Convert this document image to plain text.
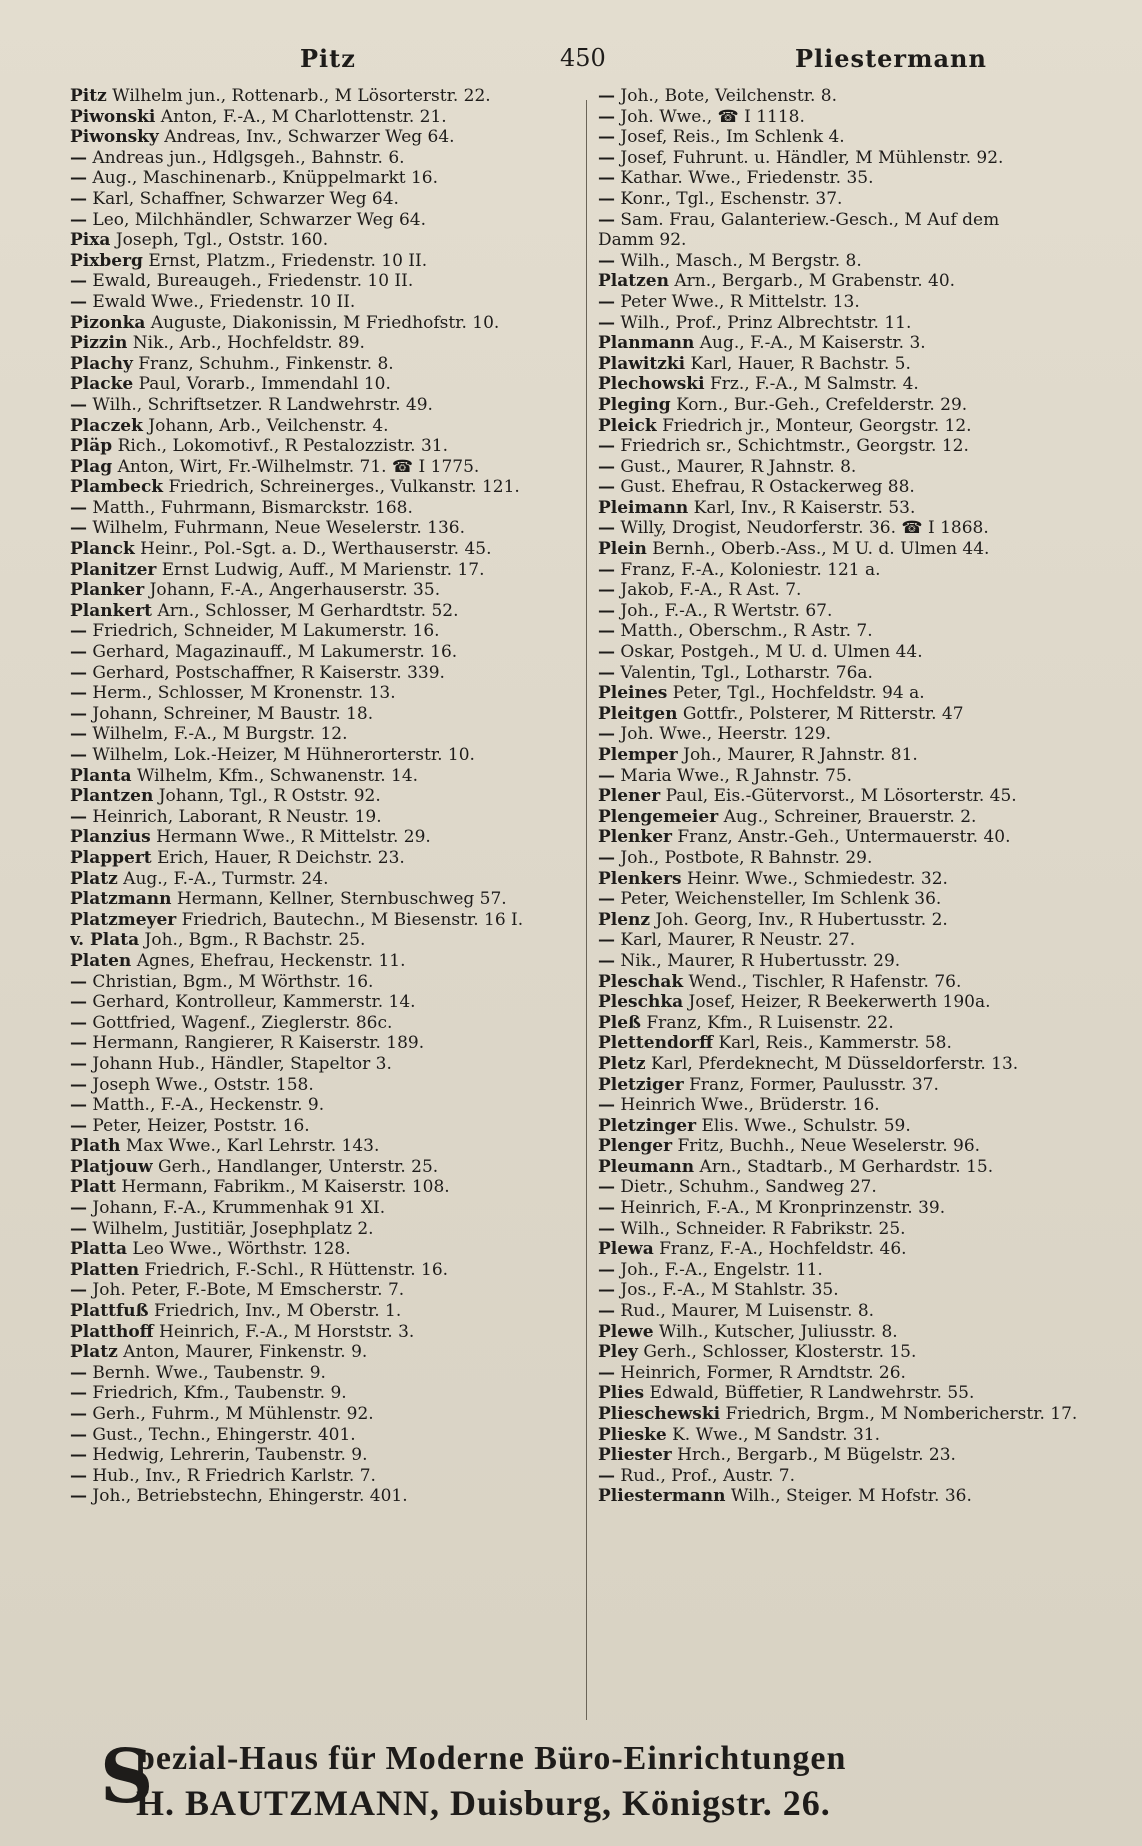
Pitz	450	Pliestermann
Pitz Wilhelm jun., Rottenarb., M Lösorterstr. 22.
Piwonski Anton, F.-A., M Charlottenstr. 21.
Piwonsky Andreas, Inv., Schwarzer Weg 64.
— Andreas jun., Hdlgsgeh., Bahnstr. 6.
— Aug., Maschinenarb., Knüppelmarkt 16.
— Karl, Schaffner, Schwarzer Weg 64.
— Leo, Milchhändler, Schwarzer Weg 64.
Pixa Joseph, Tgl., Oststr. 160.
Pixberg Ernst, Platzm., Friedenstr. 10 II.
— Ewald, Bureaugeh., Friedenstr. 10 II.
— Ewald Wwe., Friedenstr. 10 II.
Pizonka Auguste, Diakonissin, M Friedhofstr. 10.
Pizzin Nik., Arb., Hochfeldstr. 89.
Plachy Franz, Schuhm., Finkenstr. 8.
Placke Paul, Vorarb., Immendahl 10.
— Wilh., Schriftsetzer. R Landwehrstr. 49.
Placzek Johann, Arb., Veilchenstr. 4.
Pläp Rich., Lokomotivf., R Pestalozzistr. 31.
Plag Anton, Wirt, Fr.-Wilhelmstr. 71. ☎ I 1775.
Plambeck Friedrich, Schreinerges., Vulkanstr. 121.
— Matth., Fuhrmann, Bismarckstr. 168.
— Wilhelm, Fuhrmann, Neue Weselerstr. 136.
Planck Heinr., Pol.-Sgt. a. D., Werthauserstr. 45.
Planitzer Ernst Ludwig, Auff., M Marienstr. 17.
Planker Johann, F.-A., Angerhauserstr. 35.
Plankert Arn., Schlosser, M Gerhardtstr. 52.
— Friedrich, Schneider, M Lakumerstr. 16.
— Gerhard, Magazinauff., M Lakumerstr. 16.
— Gerhard, Postschaffner, R Kaiserstr. 339.
— Herm., Schlosser, M Kronenstr. 13.
— Johann, Schreiner, M Baustr. 18.
— Wilhelm, F.-A., M Burgstr. 12.
— Wilhelm, Lok.-Heizer, M Hühnerorterstr. 10.
Planta Wilhelm, Kfm., Schwanenstr. 14.
Plantzen Johann, Tgl., R Oststr. 92.
— Heinrich, Laborant, R Neustr. 19.
Planzius Hermann Wwe., R Mittelstr. 29.
Plappert Erich, Hauer, R Deichstr. 23.
Platz Aug., F.-A., Turmstr. 24.
Platzmann Hermann, Kellner, Sternbuschweg 57.
Platzmeyer Friedrich, Bautechn., M Biesenstr. 16 I.
v. Plata Joh., Bgm., R Bachstr. 25.
Platen Agnes, Ehefrau, Heckenstr. 11.
— Christian, Bgm., M Wörthstr. 16.
— Gerhard, Kontrolleur, Kammerstr. 14.
— Gottfried, Wagenf., Zieglerstr. 86c.
— Hermann, Rangierer, R Kaiserstr. 189.
— Johann Hub., Händler, Stapeltor 3.
— Joseph Wwe., Oststr. 158.
— Matth., F.-A., Heckenstr. 9.
— Peter, Heizer, Poststr. 16.
Plath Max Wwe., Karl Lehrstr. 143.
Platjouw Gerh., Handlanger, Unterstr. 25.
Platt Hermann, Fabrikm., M Kaiserstr. 108.
— Johann, F.-A., Krummenhak 91 XI.
— Wilhelm, Justitiär, Josephplatz 2.
Platta Leo Wwe., Wörthstr. 128.
Platten Friedrich, F.-Schl., R Hüttenstr. 16.
— Joh. Peter, F.-Bote, M Emscherstr. 7.
Plattfuß Friedrich, Inv., M Oberstr. 1.
Platthoff Heinrich, F.-A., M Horststr. 3.
Platz Anton, Maurer, Finkenstr. 9.
— Bernh. Wwe., Taubenstr. 9.
— Friedrich, Kfm., Taubenstr. 9.
— Gerh., Fuhrm., M Mühlenstr. 92.
— Gust., Techn., Ehingerstr. 401.
— Hedwig, Lehrerin, Taubenstr. 9.
— Hub., Inv., R Friedrich Karlstr. 7.
— Joh., Betriebstechn, Ehingerstr. 401.
— Joh., Bote, Veilchenstr. 8.
— Joh. Wwe., ☎ I 1118.
— Josef, Reis., Im Schlenk 4.
— Josef, Fuhrunt. u. Händler, M Mühlenstr. 92.
— Kathar. Wwe., Friedenstr. 35.
— Konr., Tgl., Eschenstr. 37.
— Sam. Frau, Galanteriew.-Gesch., M Auf dem
Damm 92.
— Wilh., Masch., M Bergstr. 8.
Platzen Arn., Bergarb., M Grabenstr. 40.
— Peter Wwe., R Mittelstr. 13.
— Wilh., Prof., Prinz Albrechtstr. 11.
Planmann Aug., F.-A., M Kaiserstr. 3.
Plawitzki Karl, Hauer, R Bachstr. 5.
Plechowski Frz., F.-A., M Salmstr. 4.
Pleging Korn., Bur.-Geh., Crefelderstr. 29.
Pleick Friedrich jr., Monteur, Georgstr. 12.
— Friedrich sr., Schichtmstr., Georgstr. 12.
— Gust., Maurer, R Jahnstr. 8.
— Gust. Ehefrau, R Ostackerweg 88.
Pleimann Karl, Inv., R Kaiserstr. 53.
— Willy, Drogist, Neudorferstr. 36. ☎ I 1868.
Plein Bernh., Oberb.-Ass., M U. d. Ulmen 44.
— Franz, F.-A., Koloniestr. 121 a.
— Jakob, F.-A., R Ast. 7.
— Joh., F.-A., R Wertstr. 67.
— Matth., Oberschm., R Astr. 7.
— Oskar, Postgeh., M U. d. Ulmen 44.
— Valentin, Tgl., Lotharstr. 76a.
Pleines Peter, Tgl., Hochfeldstr. 94 a.
Pleitgen Gottfr., Polsterer, M Ritterstr. 47
— Joh. Wwe., Heerstr. 129.
Plemper Joh., Maurer, R Jahnstr. 81.
— Maria Wwe., R Jahnstr. 75.
Plener Paul, Eis.-Gütervorst., M Lösorterstr. 45.
Plengemeier Aug., Schreiner, Brauerstr. 2.
Plenker Franz, Anstr.-Geh., Untermauerstr. 40.
— Joh., Postbote, R Bahnstr. 29.
Plenkers Heinr. Wwe., Schmiedestr. 32.
— Peter, Weichensteller, Im Schlenk 36.
Plenz Joh. Georg, Inv., R Hubertusstr. 2.
— Karl, Maurer, R Neustr. 27.
— Nik., Maurer, R Hubertusstr. 29.
Pleschak Wend., Tischler, R Hafenstr. 76.
Pleschka Josef, Heizer, R Beekerwerth 190a.
Pleß Franz, Kfm., R Luisenstr. 22.
Plettendorff Karl, Reis., Kammerstr. 58.
Pletz Karl, Pferdeknecht, M Düsseldorferstr. 13.
Pletziger Franz, Former, Paulusstr. 37.
— Heinrich Wwe., Brüderstr. 16.
Pletzinger Elis. Wwe., Schulstr. 59.
Plenger Fritz, Buchh., Neue Weselerstr. 96.
Pleumann Arn., Stadtarb., M Gerhardstr. 15.
— Dietr., Schuhm., Sandweg 27.
— Heinrich, F.-A., M Kronprinzenstr. 39.
— Wilh., Schneider. R Fabrikstr. 25.
Plewa Franz, F.-A., Hochfeldstr. 46.
— Joh., F.-A., Engelstr. 11.
— Jos., F.-A., M Stahlstr. 35.
— Rud., Maurer, M Luisenstr. 8.
Plewe Wilh., Kutscher, Juliusstr. 8.
Pley Gerh., Schlosser, Klosterstr. 15.
— Heinrich, Former, R Arndtstr. 26.
Plies Edwald, Büffetier, R Landwehrstr. 55.
Plieschewski Friedrich, Brgm., M Nombericherstr. 17.
Plieske K. Wwe., M Sandstr. 31.
Pliester Hrch., Bergarb., M Bügelstr. 23.
— Rud., Prof., Austr. 7.
Pliestermann Wilh., Steiger. M Hofstr. 36.
S
pezial-Haus für Moderne Büro-Einrichtungen
H. BAUTZMANN, Duisburg, Königstr. 26.
